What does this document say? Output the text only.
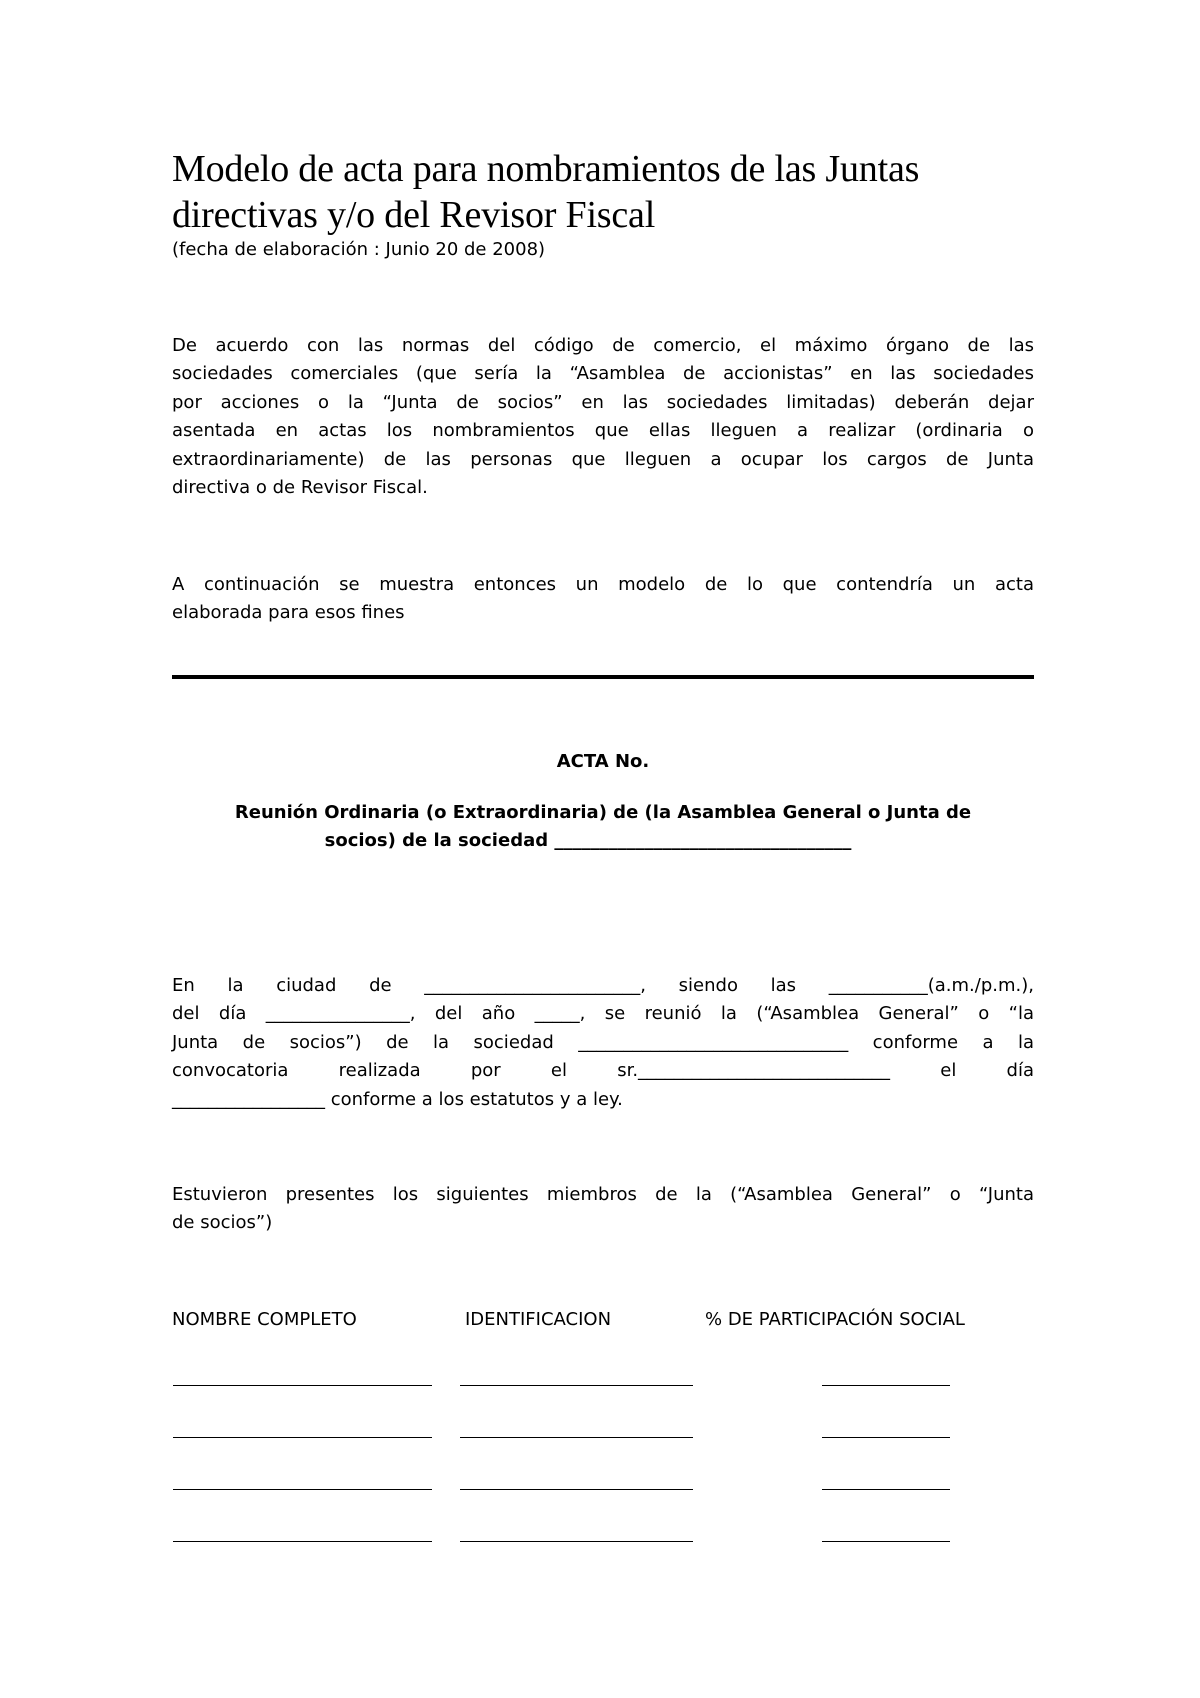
Modelo de acta para nombramientos de las Juntas
directivas y/o del Revisor Fiscal
(fecha de elaboración : Junio 20 de 2008)
De acuerdo con las normas del código de comercio, el máximo órgano de las
sociedades comerciales (que sería la “Asamblea de accionistas” en las sociedades
por acciones o la “Junta de socios” en las sociedades limitadas) deberán dejar
asentada en actas los nombramientos que ellas lleguen a realizar (ordinaria o
extraordinariamente) de las personas que lleguen a ocupar los cargos de Junta
directiva o de Revisor Fiscal.
A continuación se muestra entonces un modelo de lo que contendría un acta
elaborada para esos fines
ACTA No.
Reunión Ordinaria (o Extraordinaria) de (la Asamblea General o Junta de
socios) de la sociedad _________________________________
En la ciudad de ________________________, siendo las ___________(a.m./p.m.),
del día ________________, del año _____, se reunió la (“Asamblea General” o “la
Junta de socios”) de la sociedad ______________________________ conforme a la
convocatoria realizada por el sr.____________________________ el día
_________________ conforme a los estatutos y a ley.
Estuvieron presentes los siguientes miembros de la (“Asamblea General” o “Junta
de socios”)
NOMBRE COMPLETO	IDENTIFICACION	% DE PARTICIPACIÓN SOCIAL
